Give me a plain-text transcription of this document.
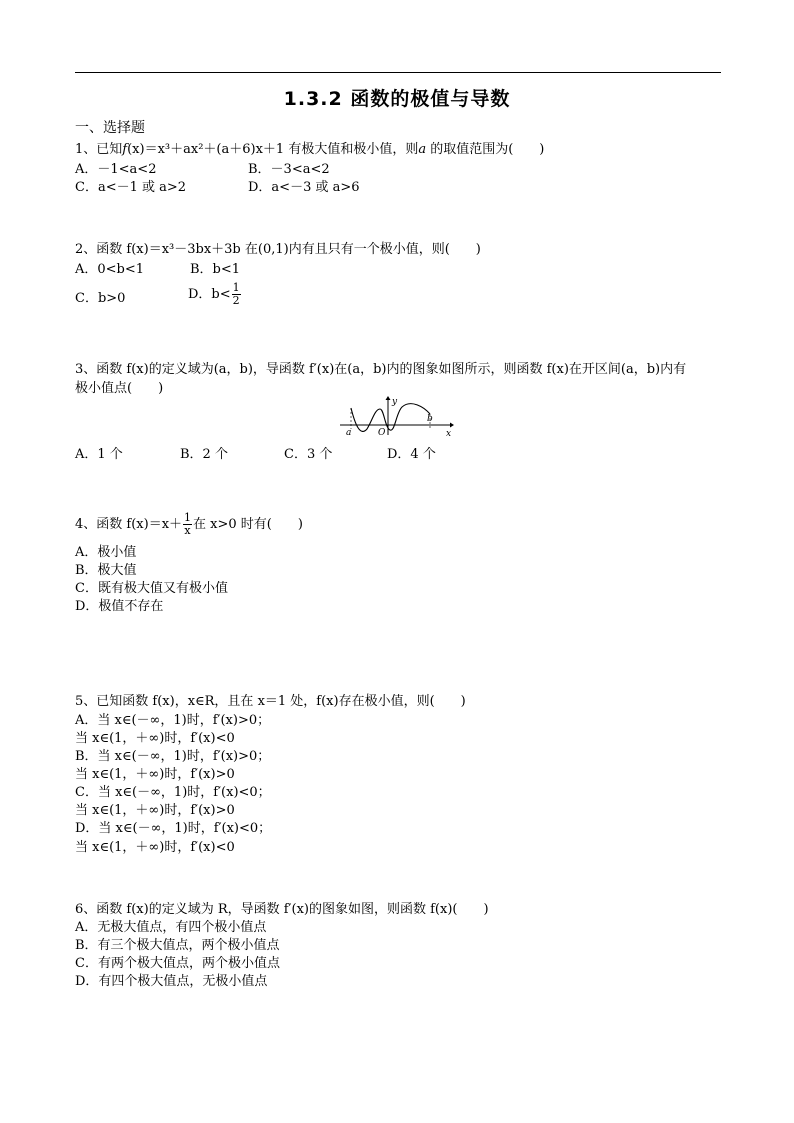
1.3.2 函数的极值与导数
一、选择题
1、已知f(x)＝x³＋ax²＋(a＋6)x＋1 有极大值和极小值，则a 的取值范围为(　　)
A．－1<a<2	B．－3<a<2
C．a<－1 或 a>2	D．a<－3 或 a>6
2、函数 f(x)＝x³－3bx＋3b 在(0,1)内有且只有一个极小值，则(　　)
A．0<b<1	B．b<1
C．b>0	D．$b< \frac{1}{2}$
3、函数 f(x)的定义域为(a，b)，导函数 f′(x)在(a，b)内的图象如图所示，则函数 f(x)在开区间(a，b)内有
极小值点(　　)
y
x
a	O
b
A．1 个	B．2 个	C．3 个	D．4 个
4、函数 $f(x)=x+ \frac{1}{x}$ 在 x>0 时有(　　)
A．极小值
B．极大值
C．既有极大值又有极小值
D．极值不存在
5、已知函数 f(x)，x∈R，且在 x＝1 处，f(x)存在极小值，则(　　)
A．当 x∈(－∞，1)时，f′(x)>0；
当 x∈(1，＋∞)时，f′(x)<0
B．当 x∈(－∞，1)时，f′(x)>0；
当 x∈(1，＋∞)时，f′(x)>0
C．当 x∈(－∞，1)时，f′(x)<0；
当 x∈(1，＋∞)时，f′(x)>0
D．当 x∈(－∞，1)时，f′(x)<0；
当 x∈(1，＋∞)时，f′(x)<0
6、函数 f(x)的定义域为 R，导函数 f′(x)的图象如图，则函数 f(x)(　　)
A．无极大值点，有四个极小值点
B．有三个极大值点，两个极小值点
C．有两个极大值点，两个极小值点
D．有四个极大值点，无极小值点
